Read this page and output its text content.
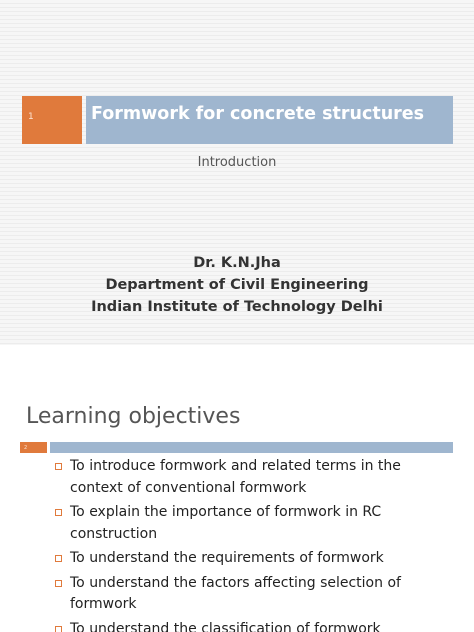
1	Formwork for concrete structures
Introduction
Dr. K.N.Jha
Department of Civil Engineering
Indian Institute of Technology Delhi
Learning objectives
2
To introduce formwork and related terms in the context of conventional formwork
To explain the importance of formwork in RC construction
To understand the requirements of formwork
To understand the factors affecting selection of formwork
To understand the classification of formwork
